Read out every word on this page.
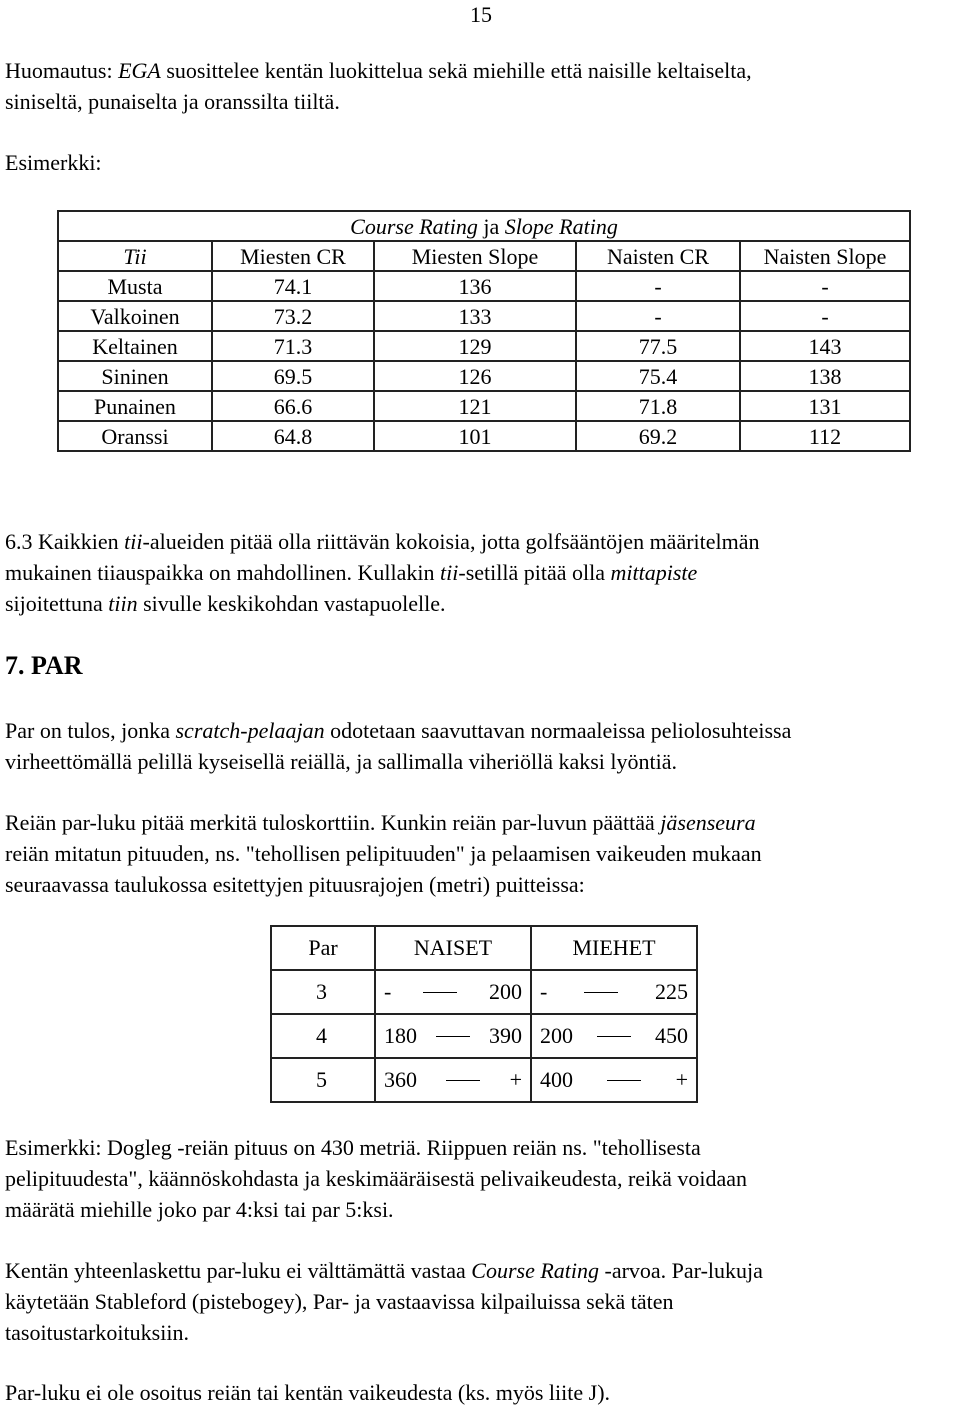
15
Huomautus: EGA suosittelee kentän luokittelua sekä miehille että naisille keltaiselta,
siniseltä, punaiselta ja oranssilta tiiltä.
Esimerkki:
Course Rating ja Slope Rating				
Tii	Miesten CR	Miesten Slope	Naisten CR	Naisten Slope
Musta	74.1	136	-	-
Valkoinen	73.2	133	-	-
Keltainen	71.3	129	77.5	143
Sininen	69.5	126	75.4	138
Punainen	66.6	121	71.8	131
Oranssi	64.8	101	69.2	112
6.3 Kaikkien tii-alueiden pitää olla riittävän kokoisia, jotta golfsääntöjen määritelmän
mukainen tiiauspaikka on mahdollinen. Kullakin tii-setillä pitää olla mittapiste
sijoitettuna tiin sivulle keskikohdan vastapuolelle.
7. PAR
Par on tulos, jonka scratch-pelaajan odotetaan saavuttavan normaaleissa peliolosuhteissa
virheettömällä pelillä kyseisellä reiällä, ja sallimalla viheriöllä kaksi lyöntiä.
Reiän par-luku pitää merkitä tuloskorttiin. Kunkin reiän par-luvun päättää jäsenseura
reiän mitatun pituuden, ns. "tehollisen pelipituuden" ja pelaamisen vaikeuden mukaan
seuraavassa taulukossa esitettyjen pituusrajojen (metri) puitteissa:
Par	NAISET	MIEHET
3	- 200	- 225

4	180 390	200 450

5	360 +	400 +
Esimerkki: Dogleg -reiän pituus on 430 metriä. Riippuen reiän ns. "tehollisesta
pelipituudesta", käännöskohdasta ja keskimääräisestä pelivaikeudesta, reikä voidaan
määrätä miehille joko par 4:ksi tai par 5:ksi.
Kentän yhteenlaskettu par-luku ei välttämättä vastaa Course Rating -arvoa. Par-lukuja
käytetään Stableford (pistebogey), Par- ja vastaavissa kilpailuissa sekä täten
tasoitustarkoituksiin.
Par-luku ei ole osoitus reiän tai kentän vaikeudesta (ks. myös liite J).
